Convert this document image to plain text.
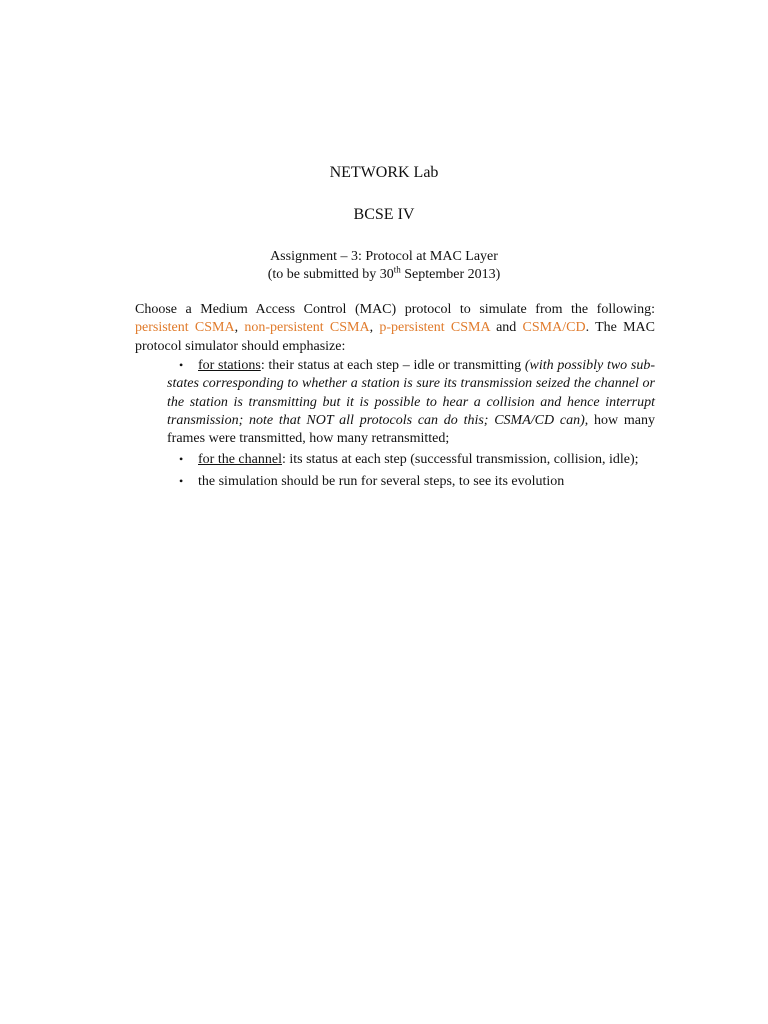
NETWORK Lab

BCSE IV

Assignment – 3: Protocol at MAC Layer
(to be submitted by 30th September 2013)

Choose a Medium Access Control (MAC) protocol to simulate from the following: persistent CSMA, non-persistent CSMA, p-persistent CSMA and CSMA/CD. The MAC protocol simulator should emphasize:

• for stations: their status at each step – idle or transmitting (with possibly two sub-states corresponding to whether a station is sure its transmission seized the channel or the station is transmitting but it is possible to hear a collision and hence interrupt transmission; note that NOT all protocols can do this; CSMA/CD can), how many frames were transmitted, how many retransmitted;
• for the channel: its status at each step (successful transmission, collision, idle);
• the simulation should be run for several steps, to see its evolution
